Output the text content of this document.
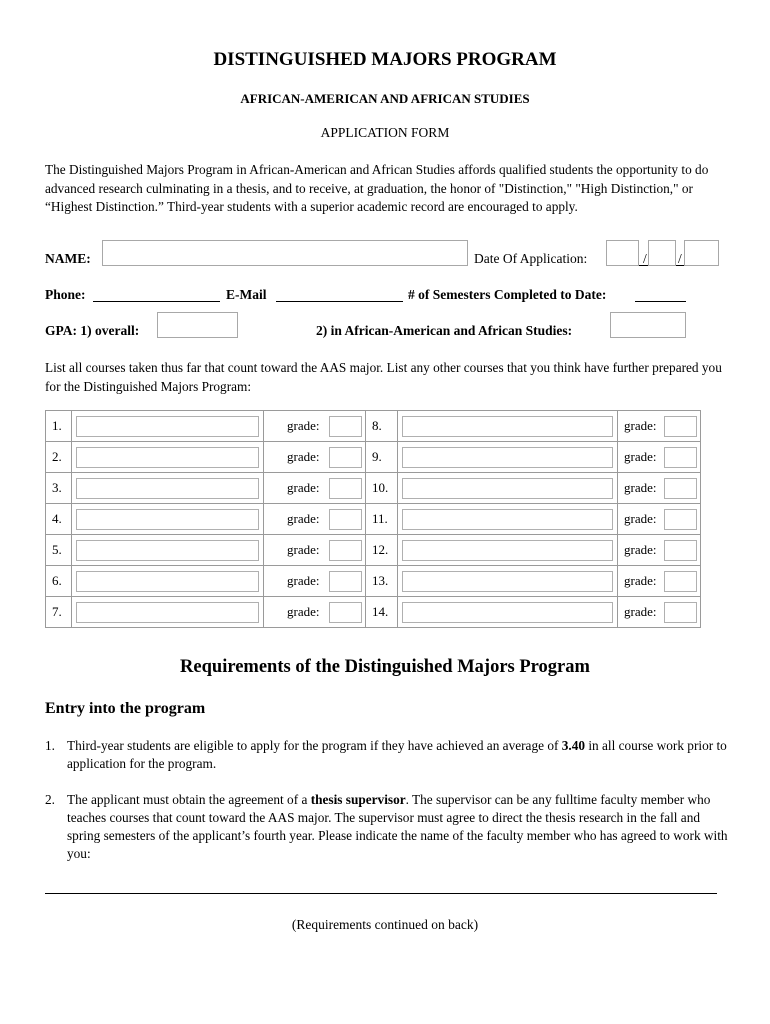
DISTINGUISHED MAJORS PROGRAM
AFRICAN-AMERICAN AND AFRICAN STUDIES
APPLICATION FORM
The Distinguished Majors Program in African-American and African Studies affords qualified students the opportunity to do advanced research culminating in a thesis, and to receive, at graduation, the honor of "Distinction," "High Distinction," or “Highest Distinction.” Third-year students with a superior academic record are encouraged to apply.
NAME:	Date Of Application:	/ /
Phone:	E-Mail	# of Semesters Completed to Date:
GPA: 1) overall:	2) in African-American and African Studies:
List all courses taken thus far that count toward the AAS major. List any other courses that you think have further prepared you for the Distinguished Majors Program:
1.		grade:		8.		grade:	

2.		grade:		9.		grade:	

3.		grade:		10.		grade:	

4.		grade:		11.		grade:	

5.		grade:		12.		grade:	

6.		grade:		13.		grade:	

7.		grade:		14.		grade:	
Requirements of the Distinguished Majors Program
Entry into the program
1. Third-year students are eligible to apply for the program if they have achieved an average of 3.40 in all course work prior to application for the program.
2. The applicant must obtain the agreement of a thesis supervisor. The supervisor can be any fulltime faculty member who teaches courses that count toward the AAS major. The supervisor must agree to direct the thesis research in the fall and spring semesters of the applicant’s fourth year. Please indicate the name of the faculty member who has agreed to work with you:
(Requirements continued on back)
